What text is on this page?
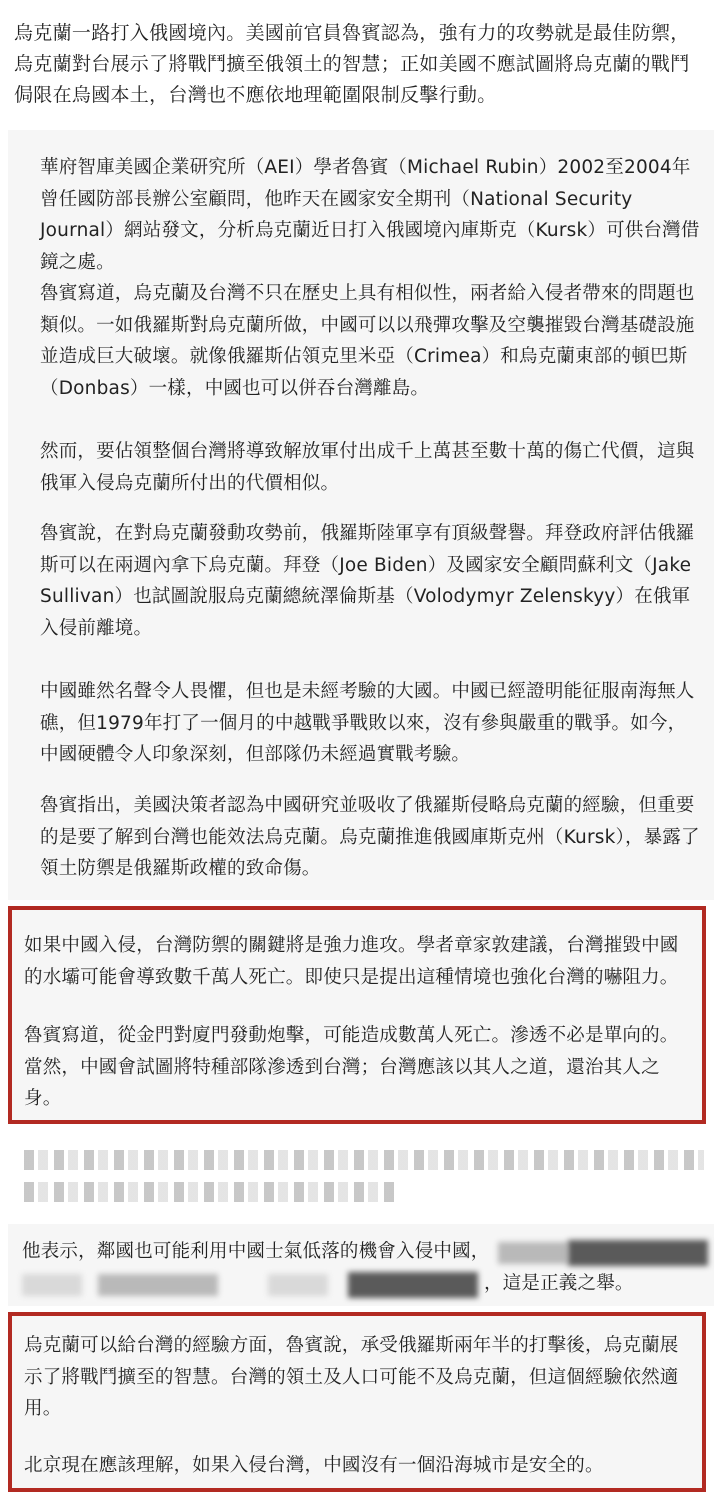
烏克蘭一路打入俄國境內。美國前官員魯賓認為，強有力的攻勢就是最佳防禦，烏克蘭對台展示了將戰鬥擴至俄領土的智慧；正如美國不應試圖將烏克蘭的戰鬥侷限在烏國本土，台灣也不應依地理範圍限制反擊行動。

華府智庫美國企業研究所（AEI）學者魯賓（Michael Rubin）2002至2004年曾任國防部長辦公室顧問，他昨天在國家安全期刊（National Security Journal）網站發文，分析烏克蘭近日打入俄國境內庫斯克（Kursk）可供台灣借鏡之處。

魯賓寫道，烏克蘭及台灣不只在歷史上具有相似性，兩者給入侵者帶來的問題也類似。一如俄羅斯對烏克蘭所做，中國可以以飛彈攻擊及空襲摧毀台灣基礎設施並造成巨大破壞。就像俄羅斯佔領克里米亞（Crimea）和烏克蘭東部的頓巴斯（Donbas）一樣，中國也可以併吞台灣離島。

然而，要佔領整個台灣將導致解放軍付出成千上萬甚至數十萬的傷亡代價，這與俄軍入侵烏克蘭所付出的代價相似。

魯賓說，在對烏克蘭發動攻勢前，俄羅斯陸軍享有頂級聲譽。拜登政府評估俄羅斯可以在兩週內拿下烏克蘭。拜登（Joe Biden）及國家安全顧問蘇利文（Jake Sullivan）也試圖說服烏克蘭總統澤倫斯基（Volodymyr Zelenskyy）在俄軍入侵前離境。

中國雖然名聲令人畏懼，但也是未經考驗的大國。中國已經證明能征服南海無人礁，但1979年打了一個月的中越戰爭戰敗以來，沒有參與嚴重的戰爭。如今，中國硬體令人印象深刻，但部隊仍未經過實戰考驗。

魯賓指出，美國決策者認為中國研究並吸收了俄羅斯侵略烏克蘭的經驗，但重要的是要了解到台灣也能效法烏克蘭。烏克蘭推進俄國庫斯克州（Kursk），暴露了領土防禦是俄羅斯政權的致命傷。

如果中國入侵，台灣防禦的關鍵將是強力進攻。學者章家敦建議，台灣摧毀中國的水壩可能會導致數千萬人死亡。即使只是提出這種情境也強化台灣的嚇阻力。

魯賓寫道，從金門對廈門發動炮擊，可能造成數萬人死亡。滲透不必是單向的。當然，中國會試圖將特種部隊滲透到台灣；台灣應該以其人之道，還治其人之身。

他表示，鄰國也可能利用中國士氣低落的機會入侵中國，

，這是正義之舉。

烏克蘭可以給台灣的經驗方面，魯賓說，承受俄羅斯兩年半的打擊後，烏克蘭展示了將戰鬥擴至的智慧。台灣的領土及人口可能不及烏克蘭，但這個經驗依然適用。

北京現在應該理解，如果入侵台灣，中國沒有一個沿海城市是安全的。
